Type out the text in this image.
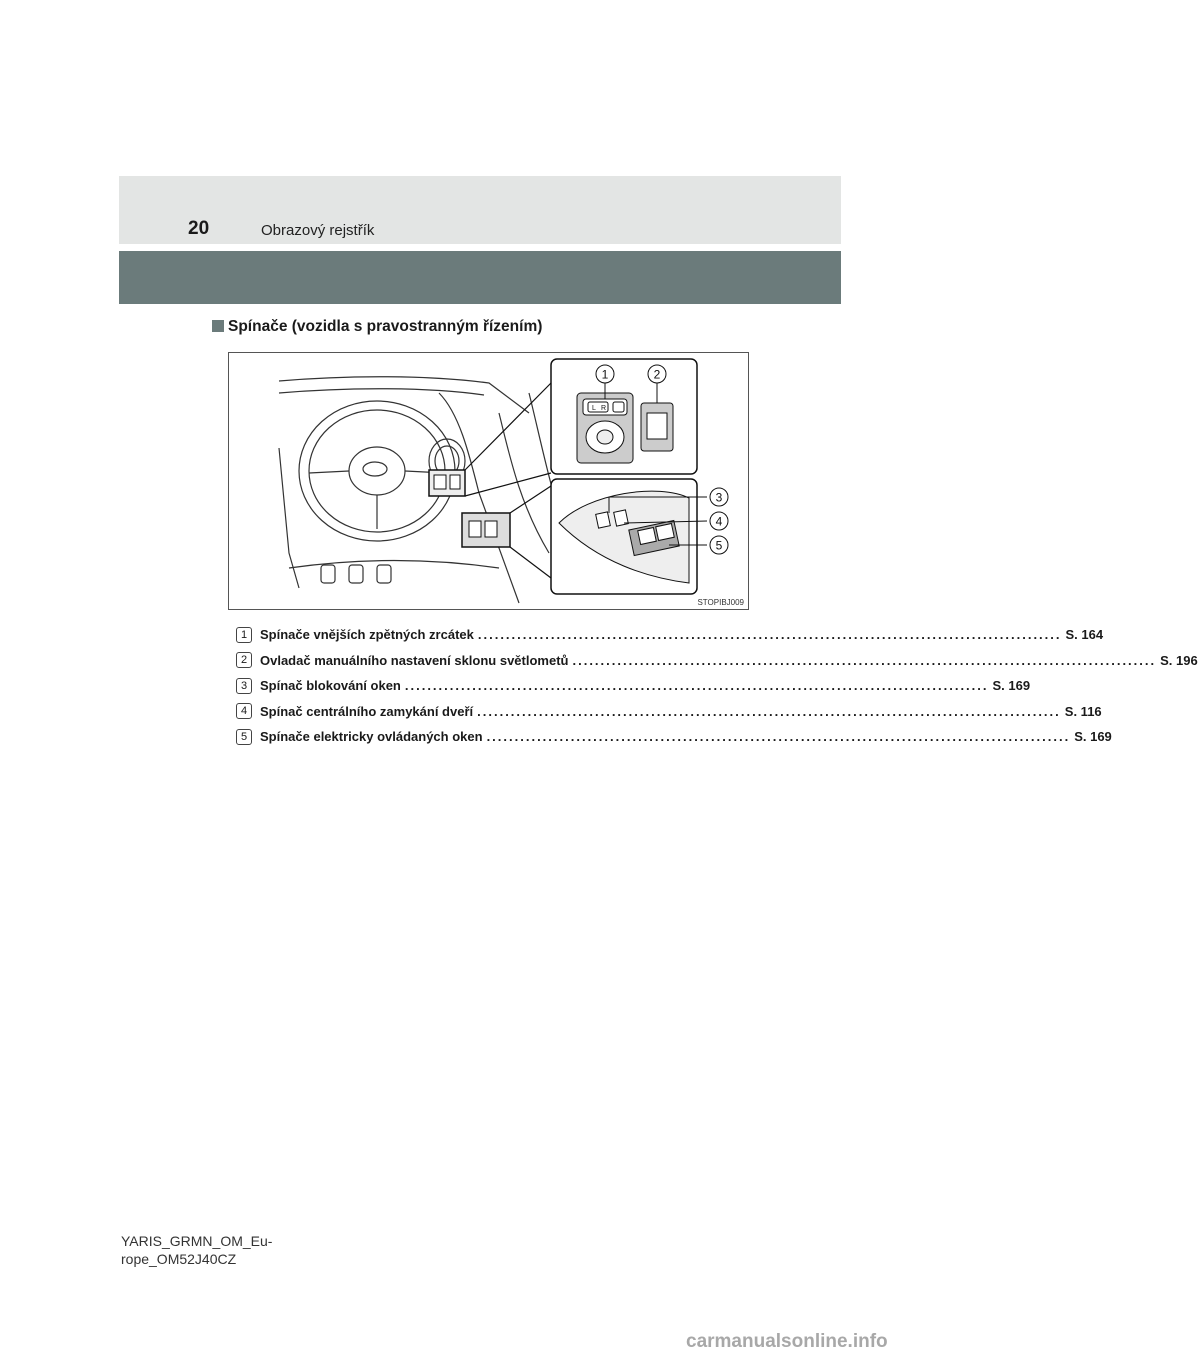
20	Obrazový rejstřík
Spínače (vozidla s pravostranným řízením)
L R
1	2
3
4
5
STOPIBJ009
1 Spínače vnějších zpětných zrcátek ........................................................................................................ S. 164
2 Ovladač manuálního nastavení sklonu světlometů ........................................................................................................ S. 196
3 Spínač blokování oken ........................................................................................................ S. 169
4 Spínač centrálního zamykání dveří ........................................................................................................ S. 116
5 Spínače elektricky ovládaných oken ........................................................................................................ S. 169
YARIS_GRMN_OM_Eu-
rope_OM52J40CZ
carmanualsonline.info
